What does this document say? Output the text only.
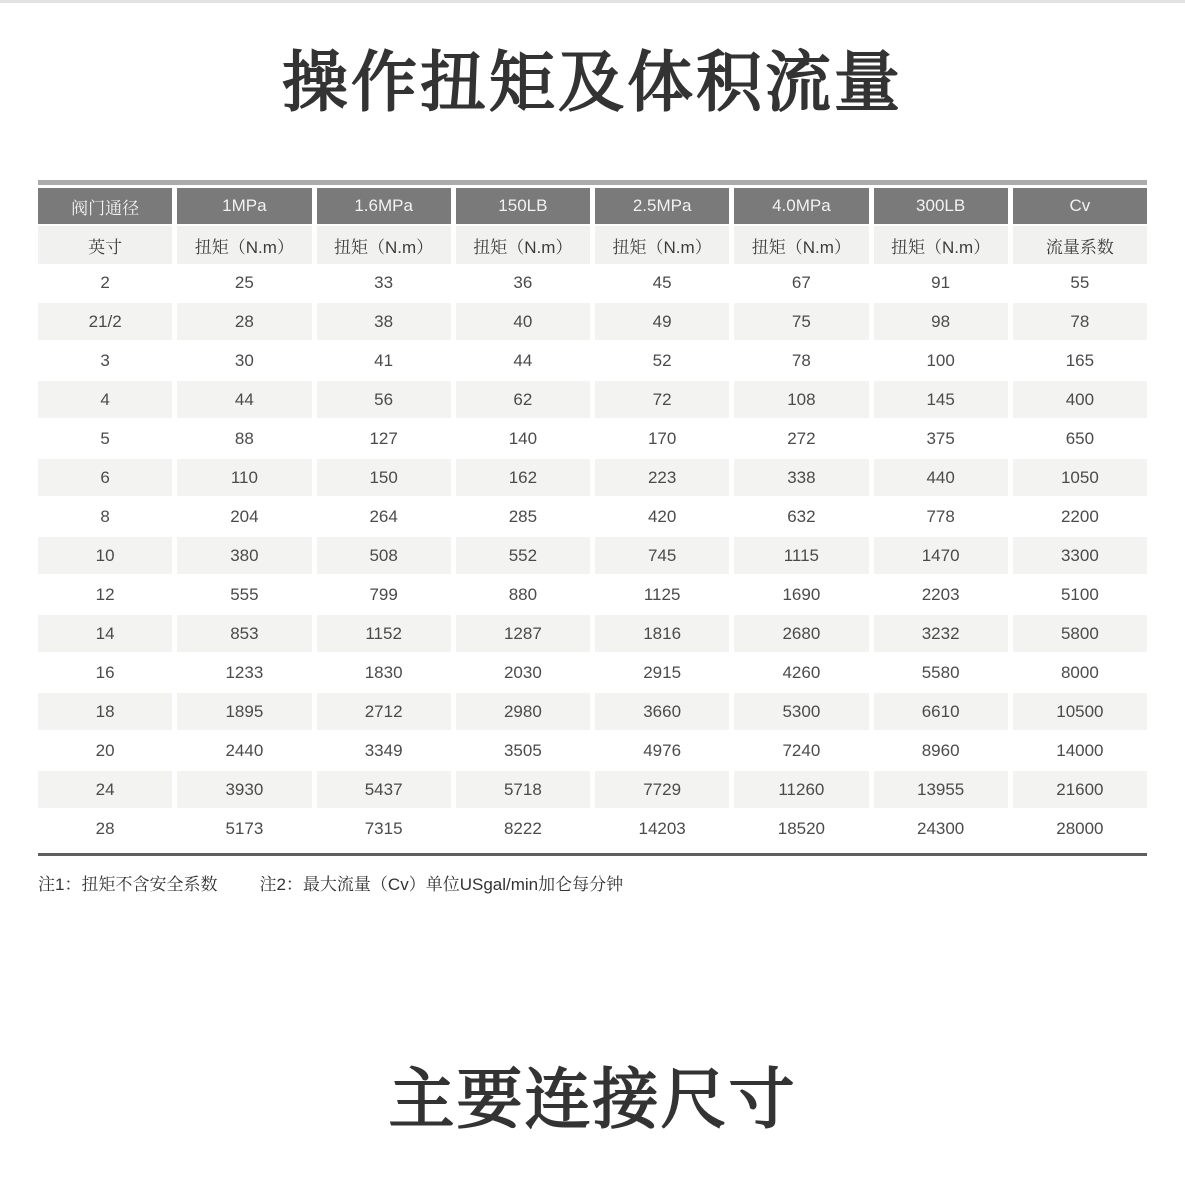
操作扭矩及体积流量
阀门通径	1MPa	1.6MPa	150LB	2.5MPa	4.0MPa	300LB	Cv
英寸	扭矩（N.m）	扭矩（N.m）	扭矩（N.m）	扭矩（N.m）	扭矩（N.m）	扭矩（N.m）	流量系数
2	25	33	36	45	67	91	55
21/2	28	38	40	49	75	98	78
3	30	41	44	52	78	100	165
4	44	56	62	72	108	145	400
5	88	127	140	170	272	375	650
6	110	150	162	223	338	440	1050
8	204	264	285	420	632	778	2200
10	380	508	552	745	1115	1470	3300
12	555	799	880	1125	1690	2203	5100
14	853	1152	1287	1816	2680	3232	5800
16	1233	1830	2030	2915	4260	5580	8000
18	1895	2712	2980	3660	5300	6610	10500
20	2440	3349	3505	4976	7240	8960	14000
24	3930	5437	5718	7729	11260	13955	21600
28	5173	7315	8222	14203	18520	24300	28000
注1：扭矩不含安全系数 注2：最大流量（Cv）单位USgal/min加仑每分钟
主要连接尺寸
